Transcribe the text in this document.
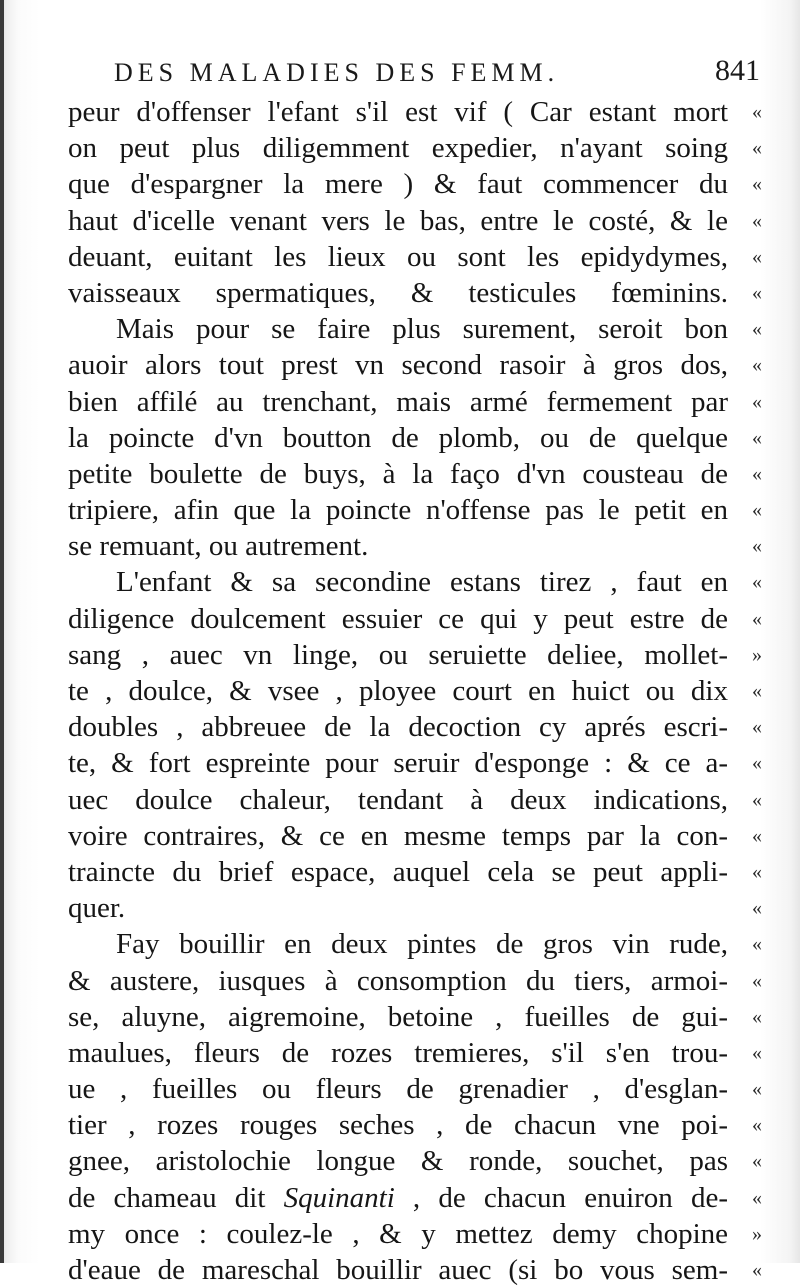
DES MALADIES DES FEMM.	841
peur d'offenser l'efant s'il est vif ( Car estant mort «
on peut plus diligemment expedier, n'ayant soing «
que d'espargner la mere ) & faut commencer du «
haut d'icelle venant vers le bas, entre le costé, & le «
deuant, euitant les lieux ou sont les epidydymes, «
vaisseaux spermatiques, & testicules fœminins. «
Mais pour se faire plus surement, seroit bon «
auoir alors tout prest vn second rasoir à gros dos, «
bien affilé au trenchant, mais armé fermement par «
la poincte d'vn boutton de plomb, ou de quelque «
petite boulette de buys, à la faço d'vn cousteau de «
tripiere, afin que la poincte n'offense pas le petit en «
se remuant, ou autrement.	«
L'enfant & sa secondine estans tirez , faut en «
diligence doulcement essuier ce qui y peut estre de «
sang , auec vn linge, ou seruiette deliee, mollet- »
te , doulce, & vsee , ployee court en huict ou dix «
doubles , abbreuee de la decoction cy aprés escri- «
te, & fort espreinte pour seruir d'esponge : & ce a- «
uec doulce chaleur, tendant à deux indications, «
voire contraires, & ce en mesme temps par la con- «
traincte du brief espace, auquel cela se peut appli- «
quer.	«
Fay bouillir en deux pintes de gros vin rude, «
& austere, iusques à consomption du tiers, armoi- «
se, aluyne, aigremoine, betoine , fueilles de gui- «
maulues, fleurs de rozes tremieres, s'il s'en trou- «
ue , fueilles ou fleurs de grenadier , d'esglan- «
tier , rozes rouges seches , de chacun vne poi- «
gnee, aristolochie longue & ronde, souchet, pas «
de chameau dit Squinanti , de chacun enuiron de- «
my once : coulez-le , & y mettez demy chopine »
d'eaue de mareschal bouillir auec (si bo vous sem- «
